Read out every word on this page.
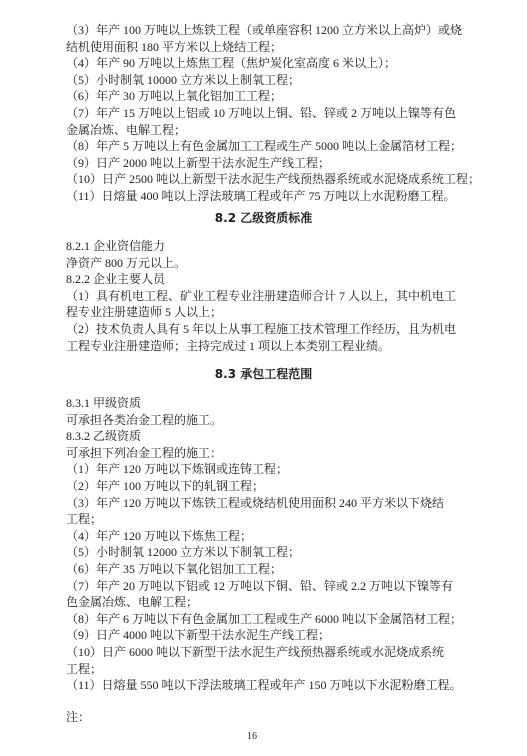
（3）年产 100 万吨以上炼铁工程（或单座容积 1200 立方米以上高炉）或烧
结机使用面积 180 平方米以上烧结工程；
（4）年产 90 万吨以上炼焦工程（焦炉炭化室高度 6 米以上）；
（5）小时制氧 10000 立方米以上制氧工程；
（6）年产 30 万吨以上氧化铝加工工程；
（7）年产 15 万吨以上铝或 10 万吨以上铜、铅、锌或 2 万吨以上镍等有色
金属冶炼、电解工程；
（8）年产 5 万吨以上有色金属加工工程或生产 5000 吨以上金属箔材工程；
（9）日产 2000 吨以上新型干法水泥生产线工程；
（10）日产 2500 吨以上新型干法水泥生产线预热器系统或水泥烧成系统工程；
（11）日熔量 400 吨以上浮法玻璃工程或年产 75 万吨以上水泥粉磨工程。
8.2 乙级资质标准
8.2.1 企业资信能力
净资产 800 万元以上。
8.2.2 企业主要人员
（1）具有机电工程、矿业工程专业注册建造师合计 7 人以上，其中机电工
程专业注册建造师 5 人以上；
（2）技术负责人具有 5 年以上从事工程施工技术管理工作经历，且为机电
工程专业注册建造师；主持完成过 1 项以上本类别工程业绩。
8.3 承包工程范围
8.3.1 甲级资质
可承担各类冶金工程的施工。
8.3.2 乙级资质
可承担下列冶金工程的施工：
（1）年产 120 万吨以下炼钢或连铸工程；
（2）年产 100 万吨以下的轧钢工程；
（3）年产 120 万吨以下炼铁工程或烧结机使用面积 240 平方米以下烧结
工程；
（4）年产 120 万吨以下炼焦工程；
（5）小时制氧 12000 立方米以下制氧工程；
（6）年产 35 万吨以下氧化铝加工工程；
（7）年产 20 万吨以下铝或 12 万吨以下铜、铅、锌或 2.2 万吨以下镍等有
色金属冶炼、电解工程；
（8）年产 6 万吨以下有色金属加工工程或生产 6000 吨以下金属箔材工程；
（9）日产 4000 吨以下新型干法水泥生产线工程；
（10）日产 6000 吨以下新型干法水泥生产线预热器系统或水泥烧成系统
工程；
（11）日熔量 550 吨以下浮法玻璃工程或年产 150 万吨以下水泥粉磨工程。
注：
16
